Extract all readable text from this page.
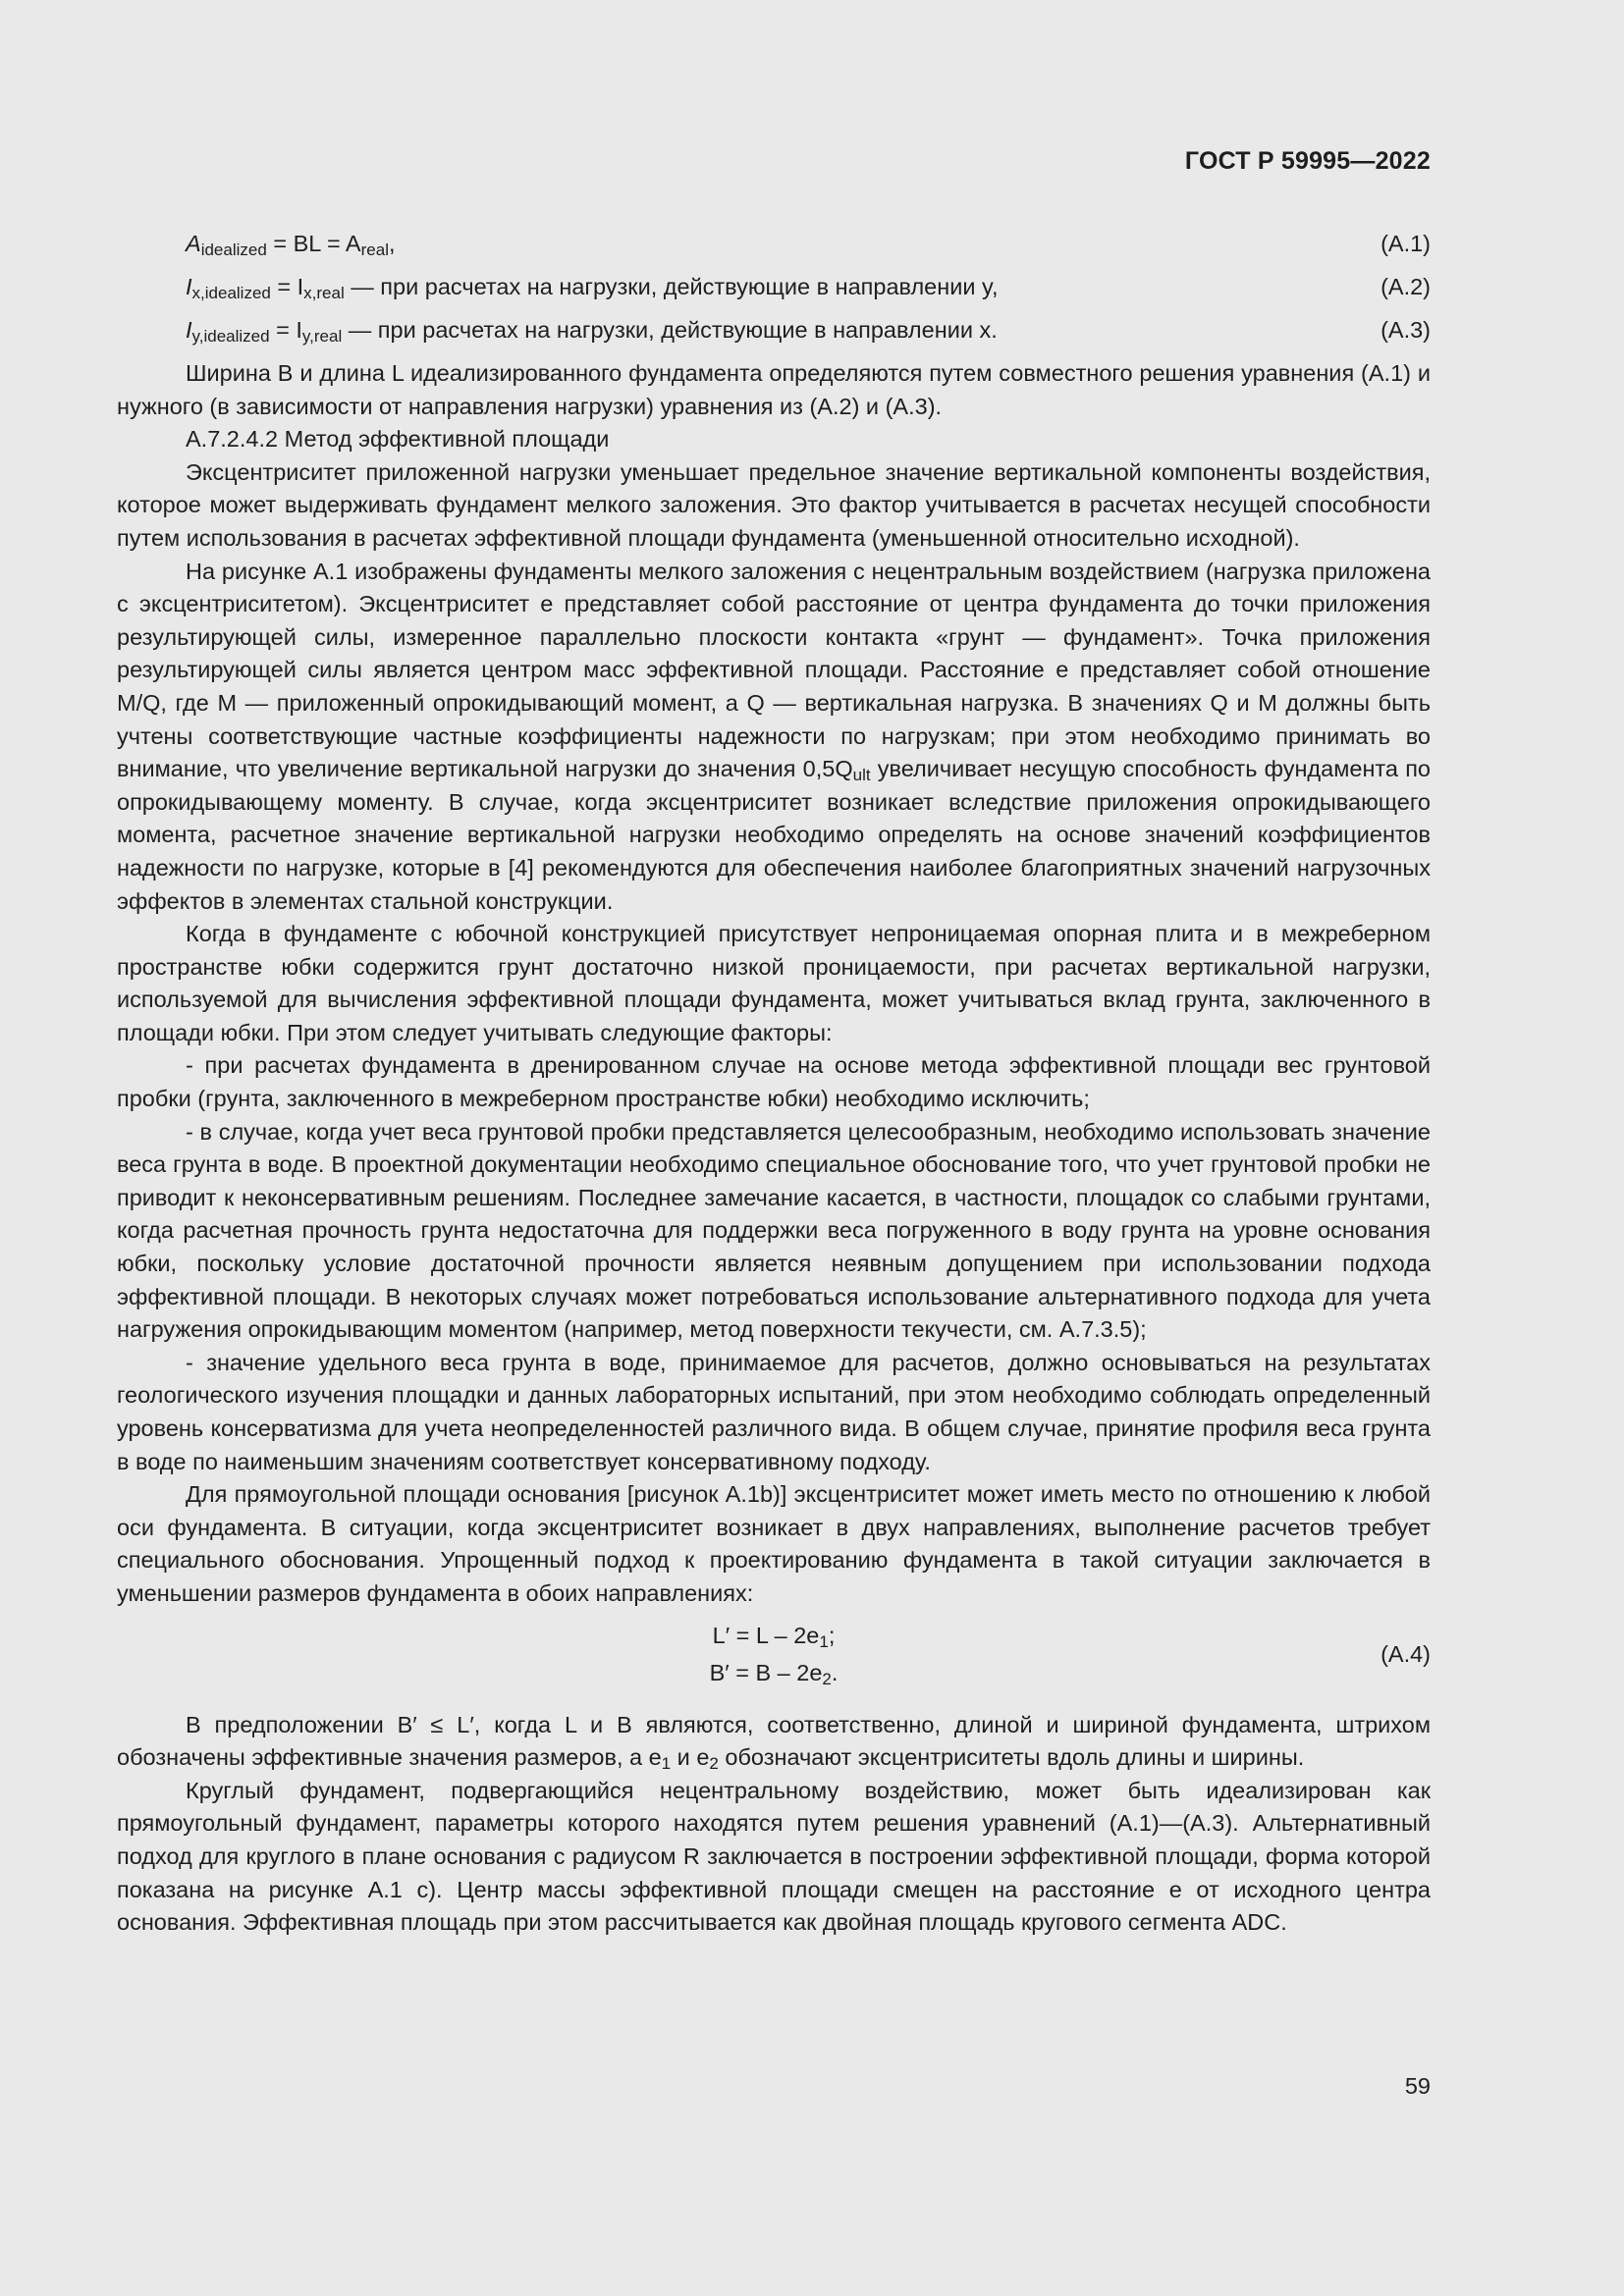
ГОСТ Р 59995—2022
$A_{idealized}$ = BL = $A_{real}$,	(А.1)
$I_{x,idealized} = I_{x,real}$ — при расчетах на нагрузки, действующие в направлении y,	(А.2)
$I_{y,idealized} = I_{y,real}$ — при расчетах на нагрузки, действующие в направлении x.	(А.3)

Ширина B и длина L идеализированного фундамента определяются путем совместного решения уравнения (А.1) и нужного (в зависимости от направления нагрузки) уравнения из (А.2) и (А.3).

А.7.2.4.2 Метод эффективной площади

Эксцентриситет приложенной нагрузки уменьшает предельное значение вертикальной компоненты воздействия, которое может выдерживать фундамент мелкого заложения. Это фактор учитывается в расчетах несущей способности путем использования в расчетах эффективной площади фундамента (уменьшенной относительно исходной).

На рисунке А.1 изображены фундаменты мелкого заложения с нецентральным воздействием (нагрузка приложена с эксцентриситетом). Эксцентриситет e представляет собой расстояние от центра фундамента до точки приложения результирующей силы, измеренное параллельно плоскости контакта «грунт — фундамент». Точка приложения результирующей силы является центром масс эффективной площади. Расстояние e представляет собой отношение M/Q, где M — приложенный опрокидывающий момент, а Q — вертикальная нагрузка. В значениях Q и M должны быть учтены соответствующие частные коэффициенты надежности по нагрузкам; при этом необходимо принимать во внимание, что увеличение вертикальной нагрузки до значения $0,5Q_{ult}$ увеличивает несущую способность фундамента по опрокидывающему моменту. В случае, когда эксцентриситет возникает вследствие приложения опрокидывающего момента, расчетное значение вертикальной нагрузки необходимо определять на основе значений коэффициентов надежности по нагрузке, которые в [4] рекомендуются для обеспечения наиболее благоприятных значений нагрузочных эффектов в элементах стальной конструкции.

Когда в фундаменте с юбочной конструкцией присутствует непроницаемая опорная плита и в межреберном пространстве юбки содержится грунт достаточно низкой проницаемости, при расчетах вертикальной нагрузки, используемой для вычисления эффективной площади фундамента, может учитываться вклад грунта, заключенного в площади юбки. При этом следует учитывать следующие факторы:

- при расчетах фундамента в дренированном случае на основе метода эффективной площади вес грунтовой пробки (грунта, заключенного в межреберном пространстве юбки) необходимо исключить;

- в случае, когда учет веса грунтовой пробки представляется целесообразным, необходимо использовать значение веса грунта в воде. В проектной документации необходимо специальное обоснование того, что учет грунтовой пробки не приводит к неконсервативным решениям. Последнее замечание касается, в частности, площадок со слабыми грунтами, когда расчетная прочность грунта недостаточна для поддержки веса погруженного в воду грунта на уровне основания юбки, поскольку условие достаточной прочности является неявным допущением при использовании подхода эффективной площади. В некоторых случаях может потребоваться использование альтернативного подхода для учета нагружения опрокидывающим моментом (например, метод поверхности текучести, см. А.7.3.5);

- значение удельного веса грунта в воде, принимаемое для расчетов, должно основываться на результатах геологического изучения площадки и данных лабораторных испытаний, при этом необходимо соблюдать определенный уровень консерватизма для учета неопределенностей различного вида. В общем случае, принятие профиля веса грунта в воде по наименьшим значениям соответствует консервативному подходу.

Для прямоугольной площади основания [рисунок А.1b)] эксцентриситет может иметь место по отношению к любой оси фундамента. В ситуации, когда эксцентриситет возникает в двух направлениях, выполнение расчетов требует специального обоснования. Упрощенный подход к проектированию фундамента в такой ситуации заключается в уменьшении размеров фундамента в обоих направлениях:

$L' = L - 2e_1$;
$B' = B - 2e_2$.
(А.4)

В предположении B′ ≤ L′, когда L и B являются, соответственно, длиной и шириной фундамента, штрихом обозначены эффективные значения размеров, а $e_1$ и $e_2$ обозначают эксцентриситеты вдоль длины и ширины.

Круглый фундамент, подвергающийся нецентральному воздействию, может быть идеализирован как прямоугольный фундамент, параметры которого находятся путем решения уравнений (А.1)—(А.3). Альтернативный подход для круглого в плане основания с радиусом R заключается в построении эффективной площади, форма которой показана на рисунке А.1 c). Центр массы эффективной площади смещен на расстояние e от исходного центра основания. Эффективная площадь при этом рассчитывается как двойная площадь кругового сегмента ADC.

59
